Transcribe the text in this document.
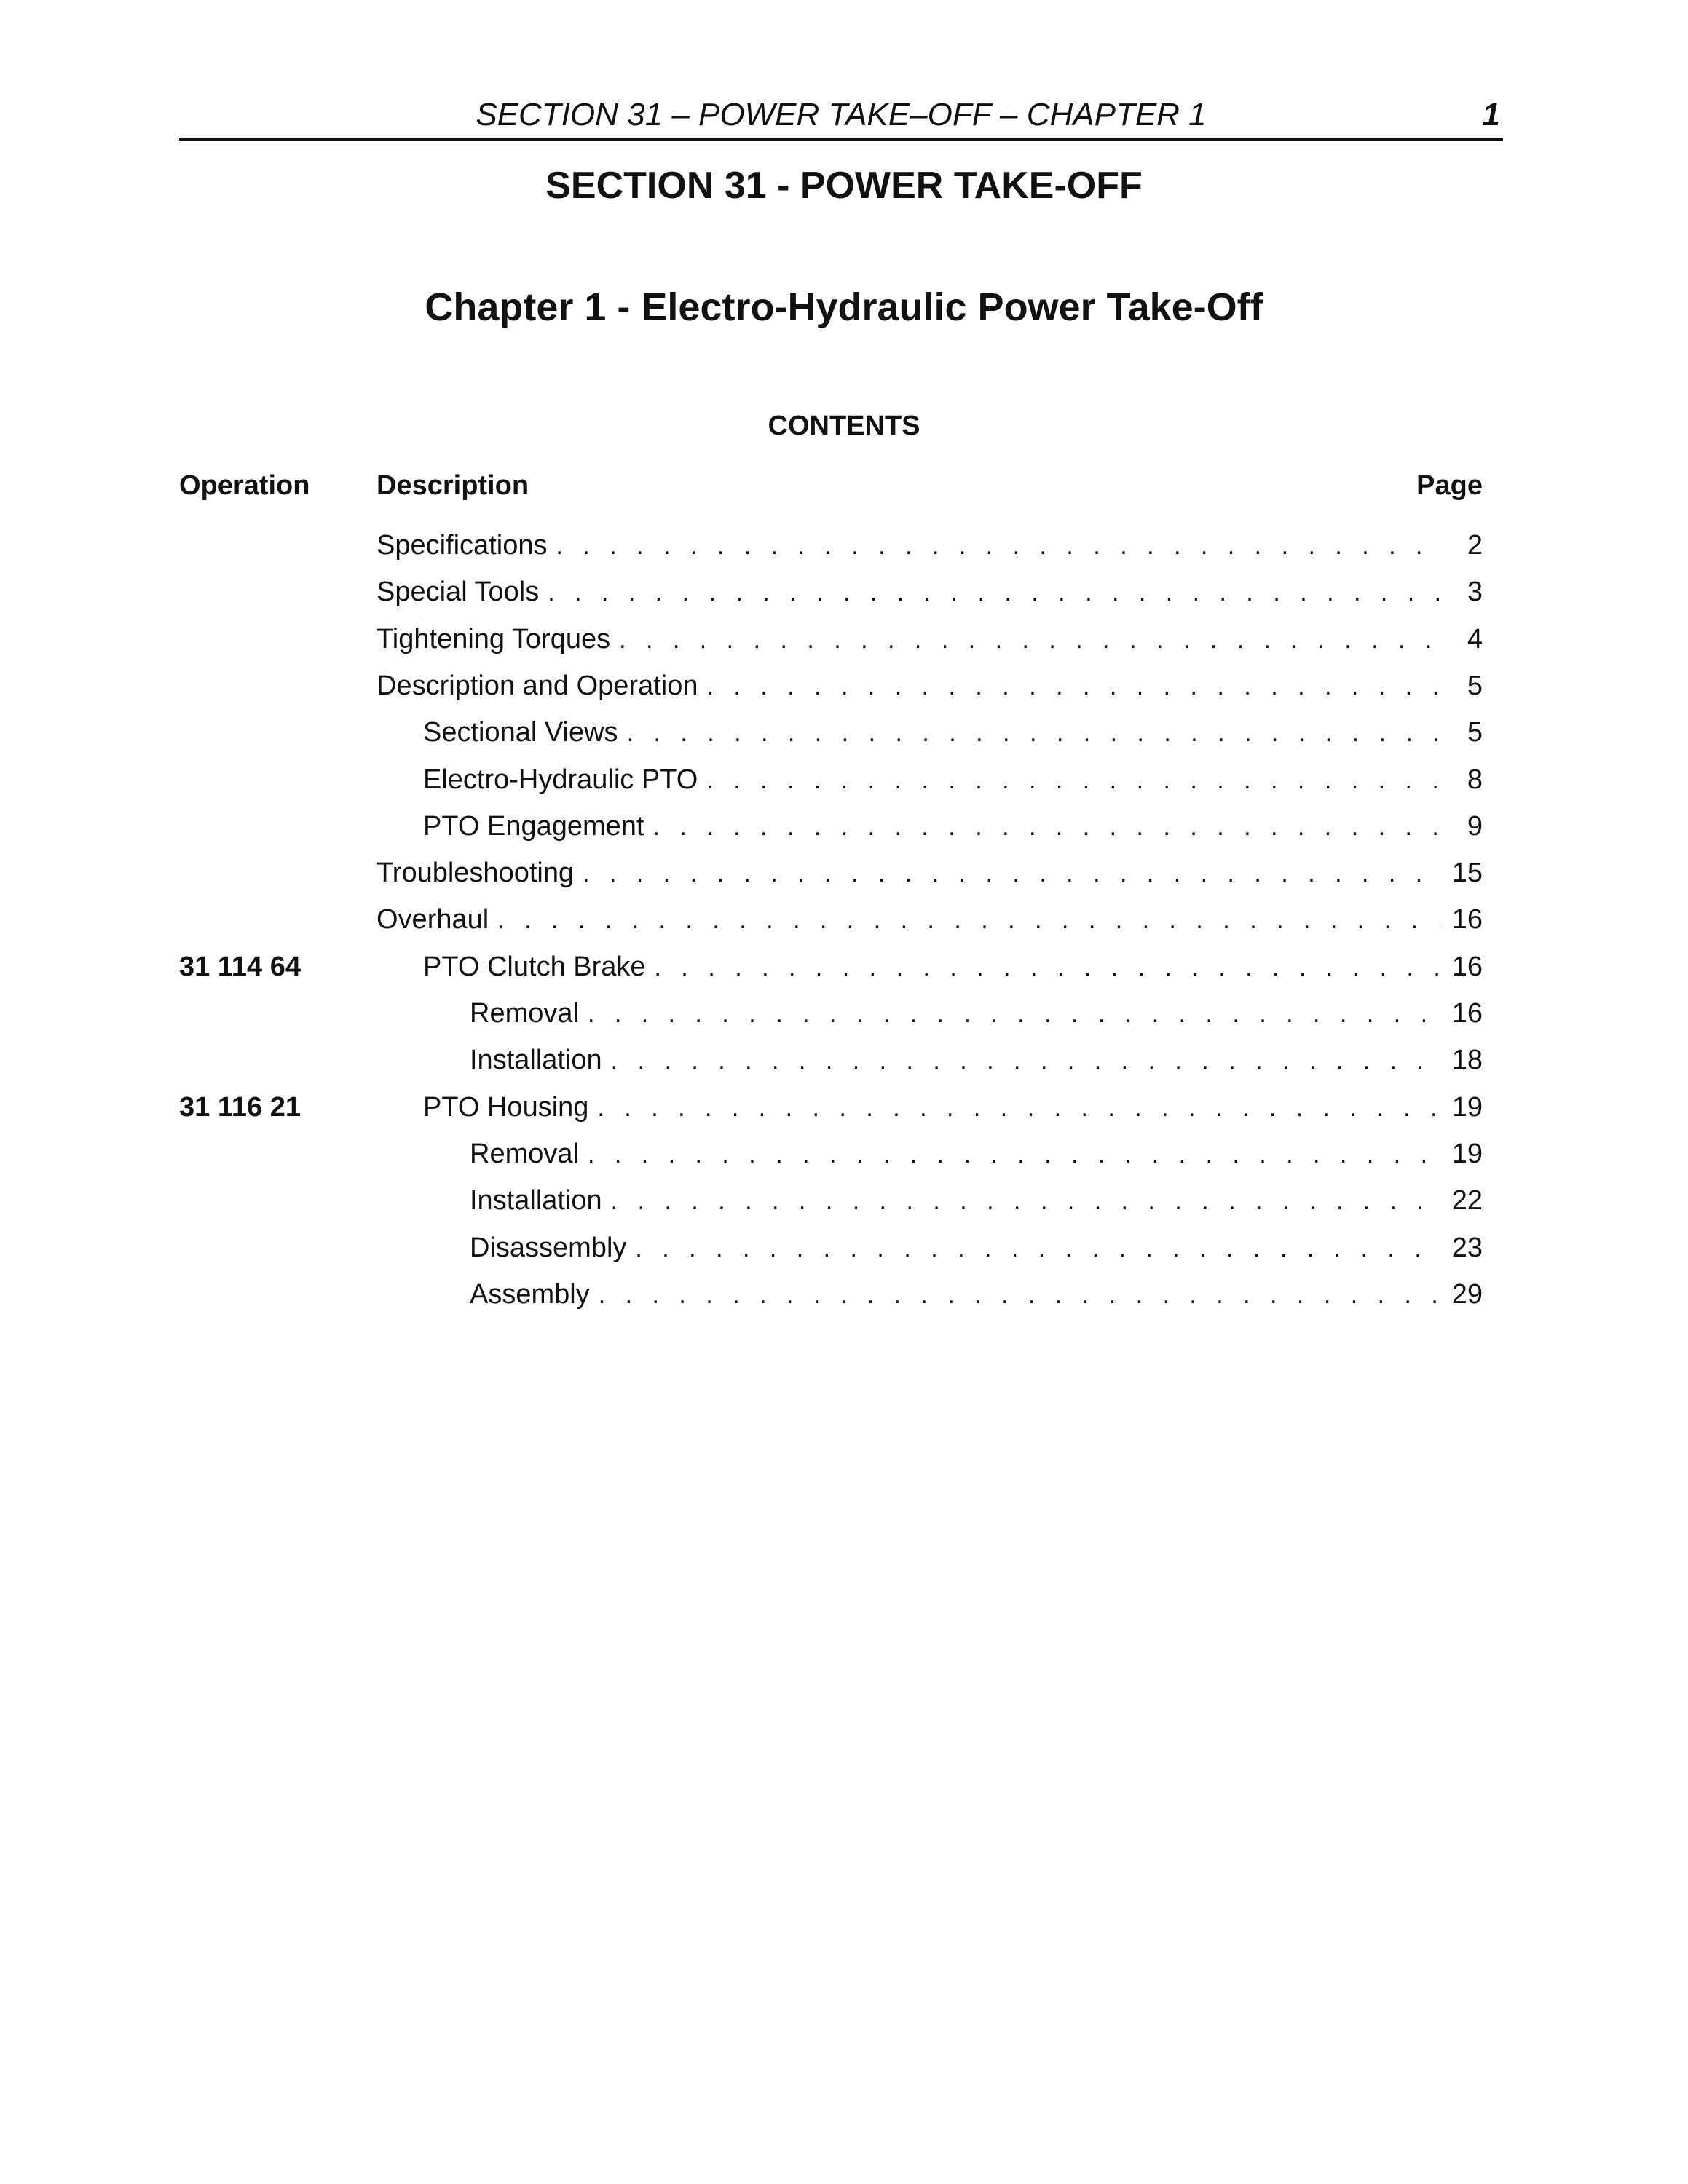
SECTION 31 – POWER TAKE–OFF – CHAPTER 1	1
SECTION 31 - POWER TAKE-OFF
Chapter 1 - Electro-Hydraulic Power Take-Off
CONTENTS
Operation Description	Page
Specifications . . .	2
Special Tools . . .	3
Tightening Torques . . .	4
Description and Operation . . .	5
Sectional Views . . .	5
Electro-Hydraulic PTO . . .	8
PTO Engagement . . .	9
Troubleshooting . . .	15
Overhaul . . .	16
31 114 64	PTO Clutch Brake . . .	16
Removal . . .	16
Installation . . .	18
31 116 21	PTO Housing . . .	19
Removal . . .	19
Installation . . .	22
Disassembly . . .	23
Assembly . . .	29
